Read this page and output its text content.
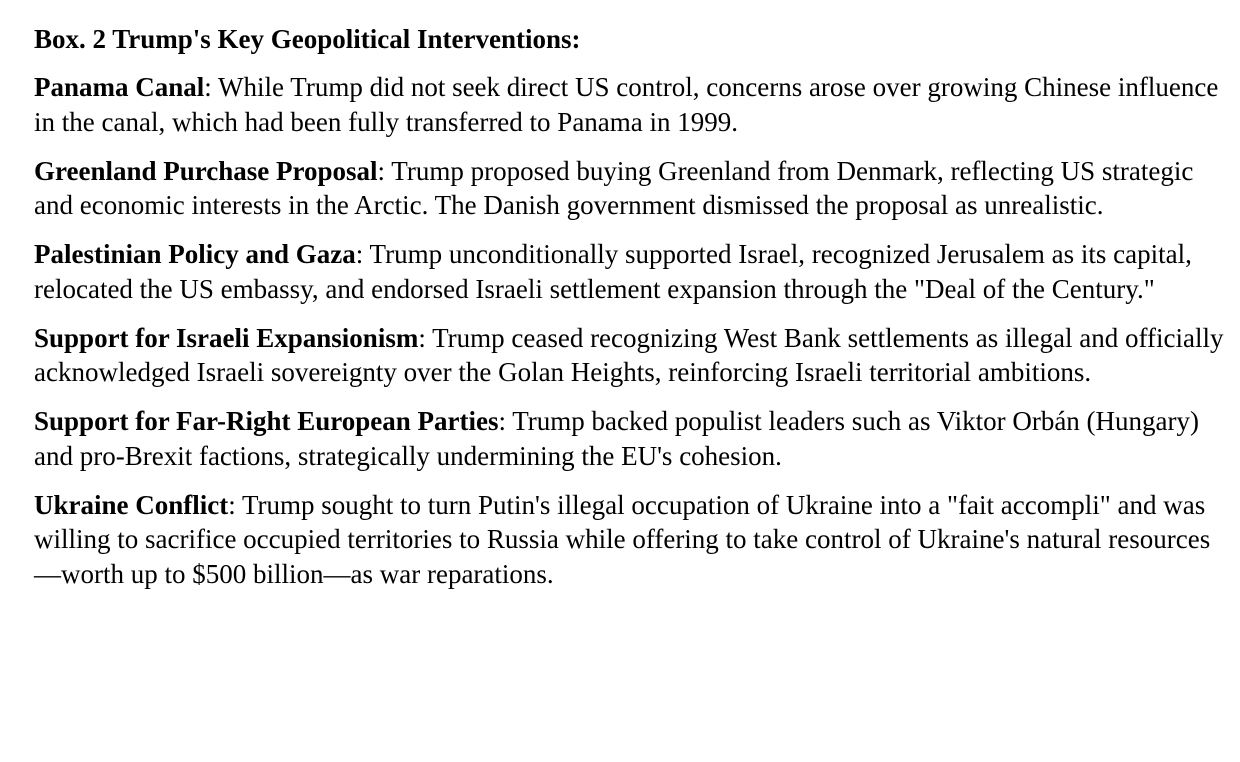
Box. 2 Trump's Key Geopolitical Interventions:

Panama Canal: While Trump did not seek direct US control, concerns arose over growing Chinese influence in the canal, which had been fully transferred to Panama in 1999.

Greenland Purchase Proposal: Trump proposed buying Greenland from Denmark, reflecting US strategic and economic interests in the Arctic. The Danish government dismissed the proposal as unrealistic.

Palestinian Policy and Gaza: Trump unconditionally supported Israel, recognized Jerusalem as its capital, relocated the US embassy, and endorsed Israeli settlement expansion through the "Deal of the Century."

Support for Israeli Expansionism: Trump ceased recognizing West Bank settlements as illegal and officially acknowledged Israeli sovereignty over the Golan Heights, reinforcing Israeli territorial ambitions.

Support for Far-Right European Parties: Trump backed populist leaders such as Viktor Orbán (Hungary) and pro-Brexit factions, strategically undermining the EU's cohesion.

Ukraine Conflict: Trump sought to turn Putin's illegal occupation of Ukraine into a "fait accompli" and was willing to sacrifice occupied territories to Russia while offering to take control of Ukraine's natural resources—worth up to $500 billion—as war reparations.
